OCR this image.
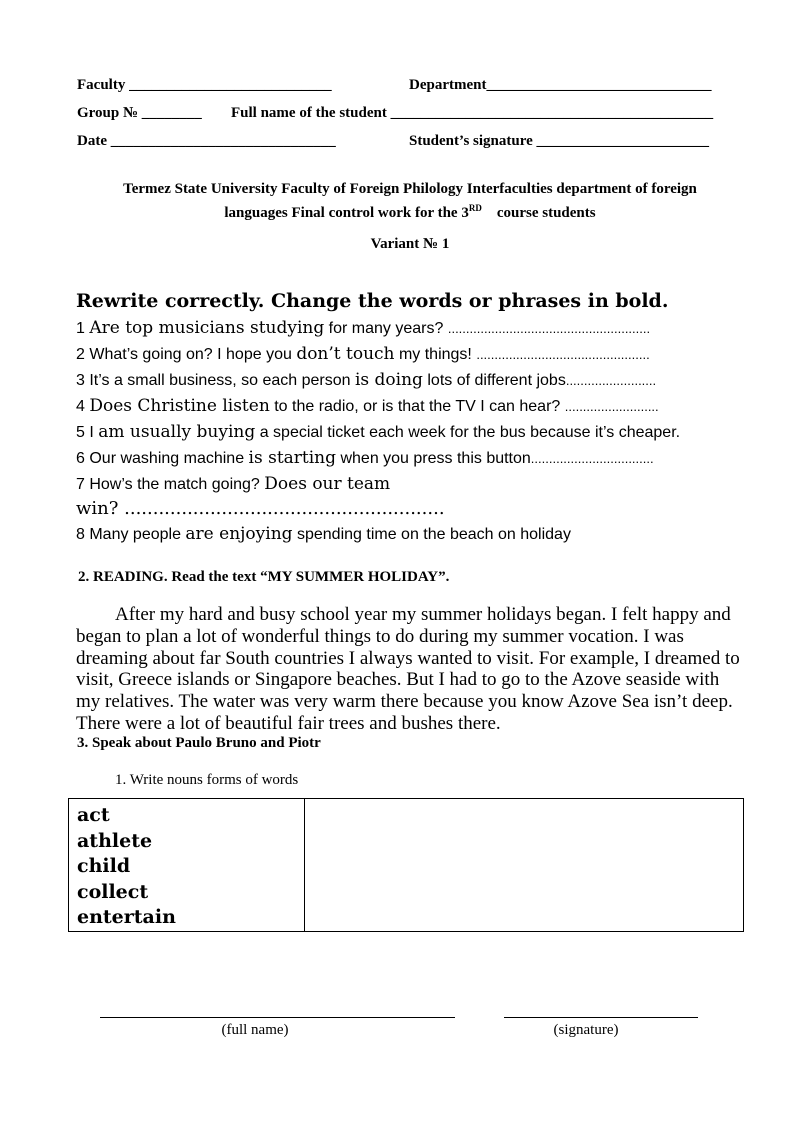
Faculty ___________________________	Department______________________________
Group № ________ Full name of the student ___________________________________________
Date ______________________________	Student’s signature _______________________
Termez State University Faculty of Foreign Philology Interfaculties department of foreign
languages Final control work for the 3RD course students
Variant № 1
Rewrite correctly. Change the words or phrases in bold.
1 Are top musicians studying for many years? ........................................................
2 What’s going on? I hope you don’t touch my things! ................................................
3 It’s a small business, so each person is doing lots of different jobs.........................
4 Does Christine listen to the radio, or is that the TV I can hear? ..........................
5 I am usually buying a special ticket each week for the bus because it’s cheaper.
6 Our washing machine is starting when you press this button..................................
7 How’s the match going? Does our team
win? ........................................................
8 Many people are enjoying spending time on the beach on holiday
2. READING. Read the text “MY SUMMER HOLIDAY”.
After my hard and busy school year my summer holidays began. I felt happy and
began to plan a lot of wonderful things to do during my summer vocation. I was
dreaming about far South countries I always wanted to visit. For example, I dreamed to
visit, Greece islands or Singapore beaches. But I had to go to the Azove seaside with
my relatives. The water was very warm there because you know Azove Sea isn’t deep.
There were a lot of beautiful fair trees and bushes there.
3. Speak about Paulo Bruno and Piotr
1. Write nouns forms of words
act
athlete
child
collect
entertain

(full name)	(signature)
